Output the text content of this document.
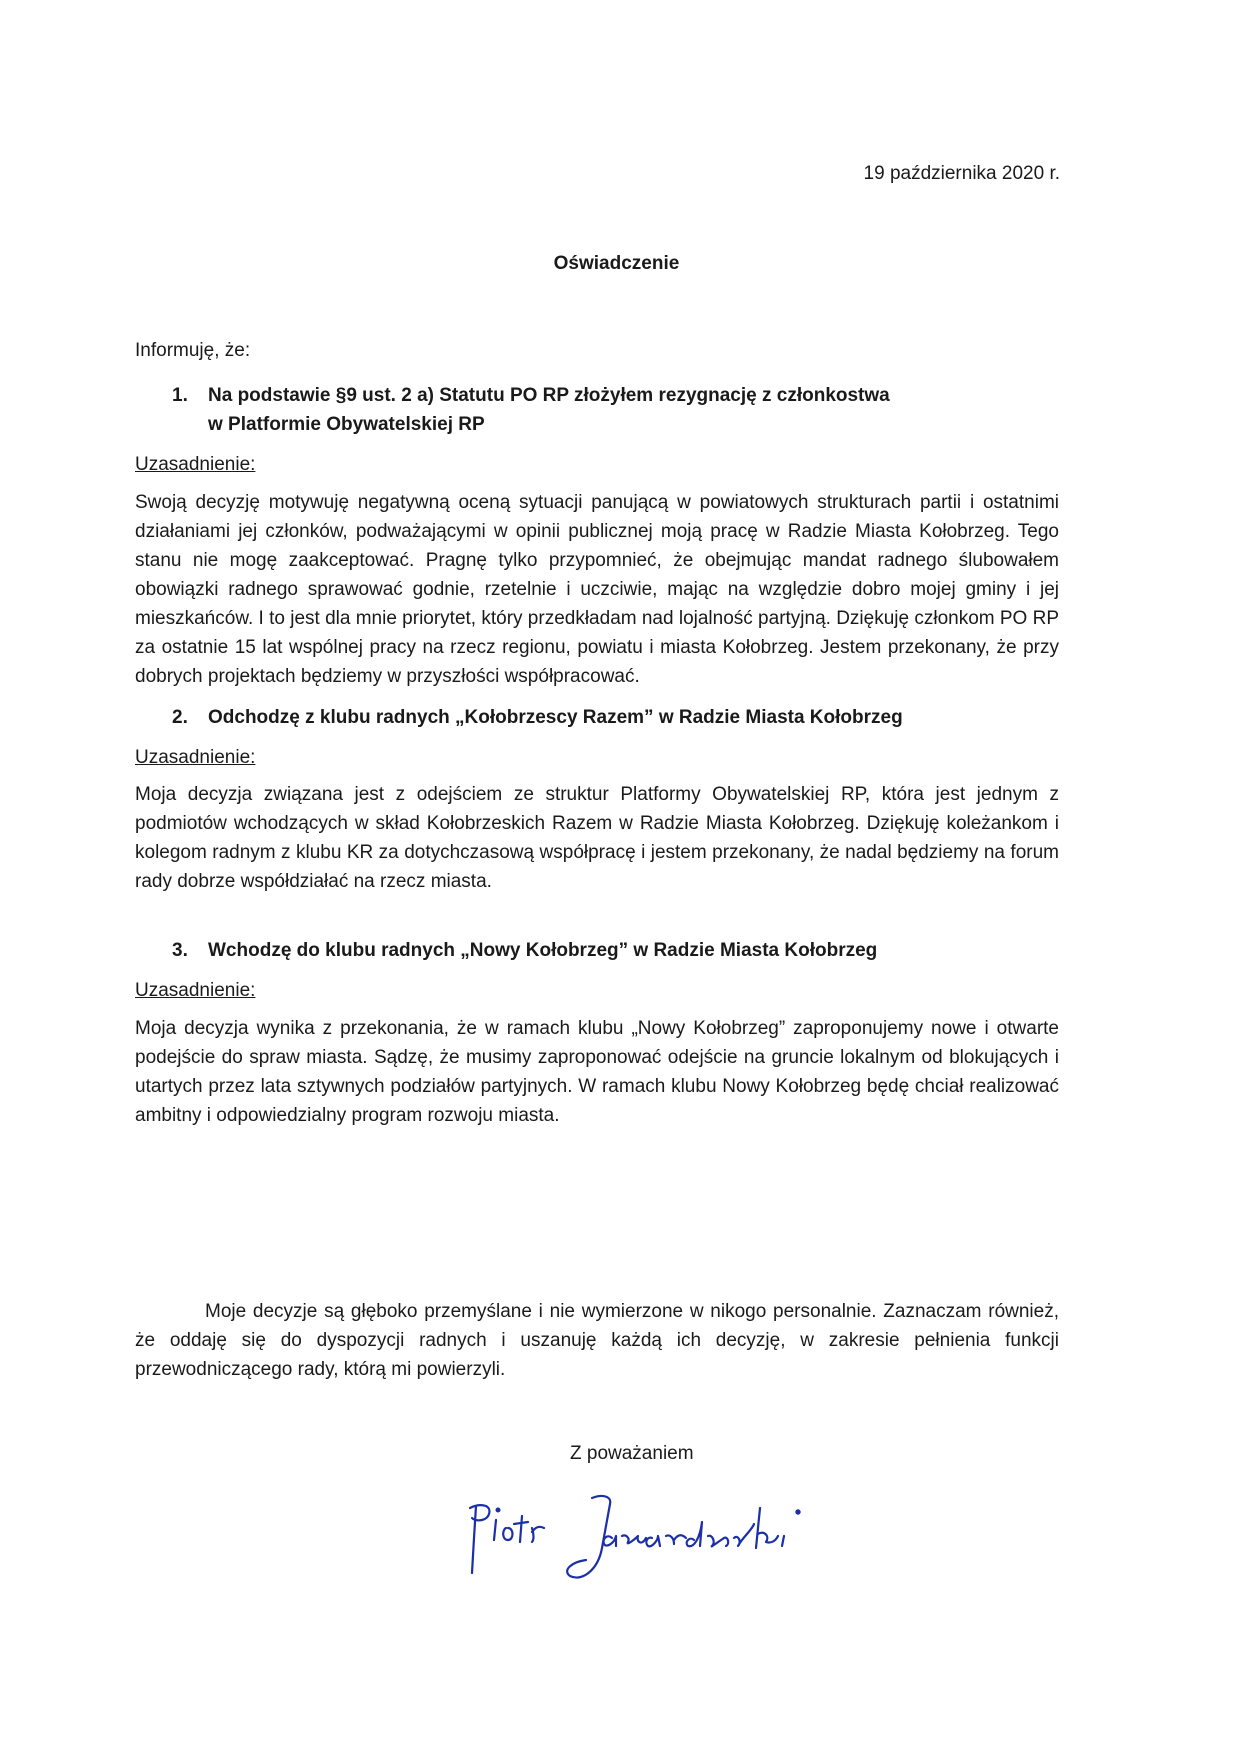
19 października 2020 r.
Oświadczenie
Informuję, że:
1. Na podstawie §9 ust. 2 a) Statutu PO RP złożyłem rezygnację z członkostwa
w Platformie Obywatelskiej RP
Uzasadnienie:

Swoją decyzję motywuję negatywną oceną sytuacji panującą w powiatowych strukturach partii i ostatnimi działaniami jej członków, podważającymi w opinii publicznej moją pracę w Radzie Miasta Kołobrzeg. Tego stanu nie mogę zaakceptować. Pragnę tylko przypomnieć, że obejmując mandat radnego ślubowałem obowiązki radnego sprawować godnie, rzetelnie i uczciwie, mając na względzie dobro mojej gminy i jej mieszkańców. I to jest dla mnie priorytet, który przedkładam nad lojalność partyjną. Dziękuję członkom PO RP za ostatnie 15 lat wspólnej pracy na rzecz regionu, powiatu i miasta Kołobrzeg. Jestem przekonany, że przy dobrych projektach będziemy w przyszłości współpracować.

2. Odchodzę z klubu radnych „Kołobrzescy Razem” w Radzie Miasta Kołobrzeg
Uzasadnienie:

Moja decyzja związana jest z odejściem ze struktur Platformy Obywatelskiej RP, która jest jednym z podmiotów wchodzących w skład Kołobrzeskich Razem w Radzie Miasta Kołobrzeg. Dziękuję koleżankom i kolegom radnym z klubu KR za dotychczasową współpracę i jestem przekonany, że nadal będziemy na forum rady dobrze współdziałać na rzecz miasta.

3. Wchodzę do klubu radnych „Nowy Kołobrzeg” w Radzie Miasta Kołobrzeg
Uzasadnienie:

Moja decyzja wynika z przekonania, że w ramach klubu „Nowy Kołobrzeg” zaproponujemy nowe i otwarte podejście do spraw miasta. Sądzę, że musimy zaproponować odejście na gruncie lokalnym od blokujących i utartych przez lata sztywnych podziałów partyjnych. W ramach klubu Nowy Kołobrzeg będę chciał realizować ambitny i odpowiedzialny program rozwoju miasta.

Moje decyzje są głęboko przemyślane i nie wymierzone w nikogo personalnie. Zaznaczam również, że oddaję się do dyspozycji radnych i uszanuję każdą ich decyzję, w zakresie pełnienia funkcji przewodniczącego rady, którą mi powierzyli.

Z poważaniem
